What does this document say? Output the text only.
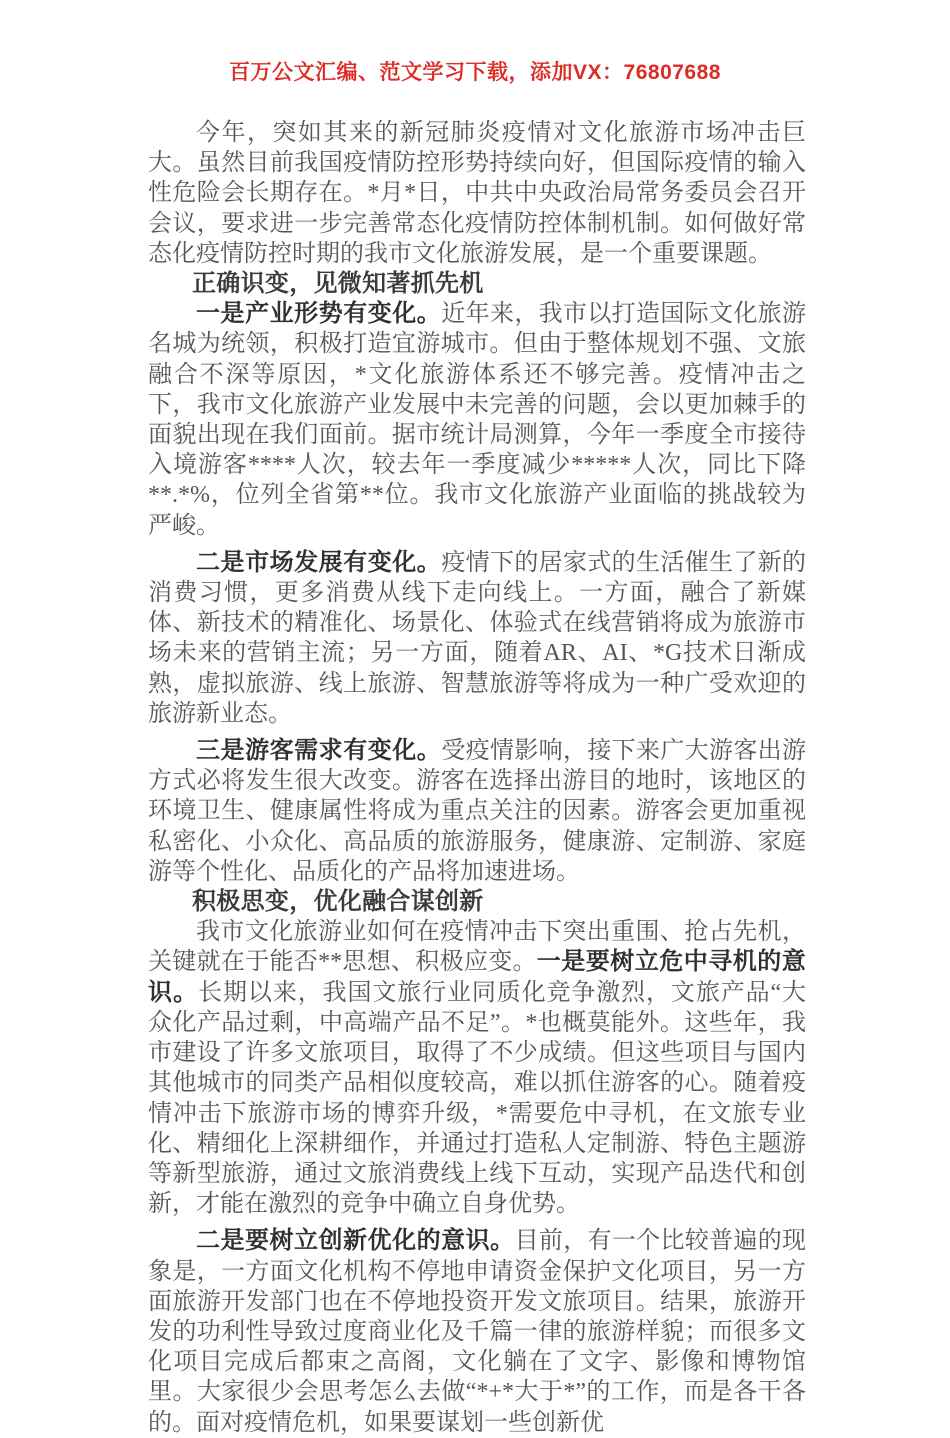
百万公文汇编、范文学习下载，添加VX：76807688

今年，突如其来的新冠肺炎疫情对文化旅游市场冲击巨大。虽然目前我国疫情防控形势持续向好，但国际疫情的输入性危险会长期存在。*月*日，中共中央政治局常务委员会召开会议，要求进一步完善常态化疫情防控体制机制。如何做好常态化疫情防控时期的我市文化旅游发展，是一个重要课题。

正确识变，见微知著抓先机

一是产业形势有变化。近年来，我市以打造国际文化旅游名城为统领，积极打造宜游城市。但由于整体规划不强、文旅融合不深等原因，*文化旅游体系还不够完善。疫情冲击之下，我市文化旅游产业发展中未完善的问题，会以更加棘手的面貌出现在我们面前。据市统计局测算，今年一季度全市接待入境游客****人次，较去年一季度减少*****人次，同比下降**.*%，位列全省第**位。我市文化旅游产业面临的挑战较为严峻。

二是市场发展有变化。疫情下的居家式的生活催生了新的消费习惯，更多消费从线下走向线上。一方面，融合了新媒体、新技术的精准化、场景化、体验式在线营销将成为旅游市场未来的营销主流；另一方面，随着AR、AI、*G技术日渐成熟，虚拟旅游、线上旅游、智慧旅游等将成为一种广受欢迎的旅游新业态。

三是游客需求有变化。受疫情影响，接下来广大游客出游方式必将发生很大改变。游客在选择出游目的地时，该地区的环境卫生、健康属性将成为重点关注的因素。游客会更加重视私密化、小众化、高品质的旅游服务，健康游、定制游、家庭游等个性化、品质化的产品将加速进场。

积极思变，优化融合谋创新

我市文化旅游业如何在疫情冲击下突出重围、抢占先机，关键就在于能否**思想、积极应变。一是要树立危中寻机的意识。长期以来，我国文旅行业同质化竞争激烈，文旅产品“大众化产品过剩，中高端产品不足”。*也概莫能外。这些年，我市建设了许多文旅项目，取得了不少成绩。但这些项目与国内其他城市的同类产品相似度较高，难以抓住游客的心。随着疫情冲击下旅游市场的博弈升级，*需要危中寻机，在文旅专业化、精细化上深耕细作，并通过打造私人定制游、特色主题游等新型旅游，通过文旅消费线上线下互动，实现产品迭代和创新，才能在激烈的竞争中确立自身优势。

二是要树立创新优化的意识。目前，有一个比较普遍的现象是，一方面文化机构不停地申请资金保护文化项目，另一方面旅游开发部门也在不停地投资开发文旅项目。结果，旅游开发的功利性导致过度商业化及千篇一律的旅游样貌；而很多文化项目完成后都束之高阁，文化躺在了文字、影像和博物馆里。大家很少会思考怎么去做“*+*大于*”的工作，而是各干各的。面对疫情危机，如果要谋划一些创新优
